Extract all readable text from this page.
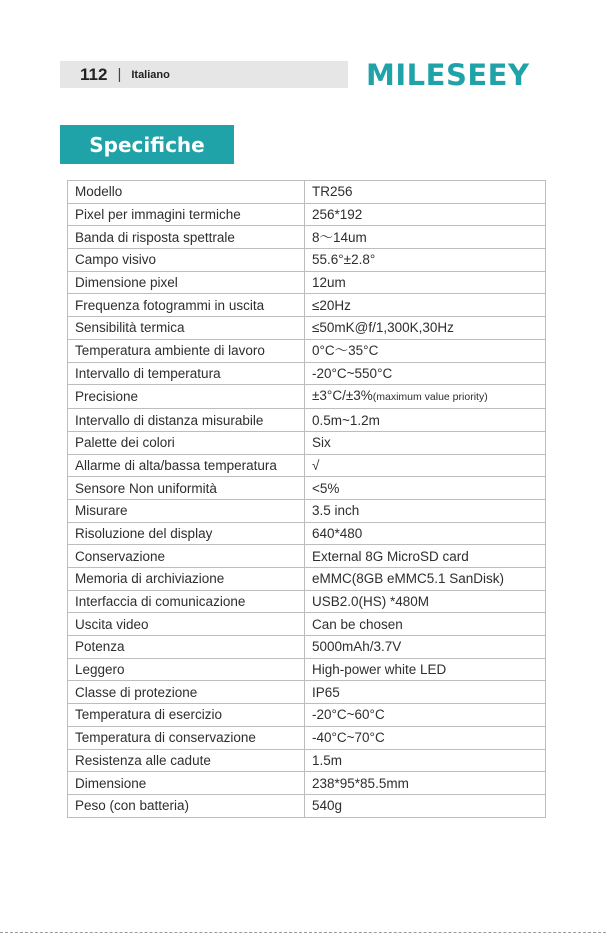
112 | Italiano	MILESEEY
Specifiche
Modello	TR256
Pixel per immagini termiche	256*192
Banda di risposta spettrale	8～14um
Campo visivo	55.6°±2.8°
Dimensione pixel	12um
Frequenza fotogrammi in uscita	≤20Hz
Sensibilità termica	≤50mK@f/1,300K,30Hz
Temperatura ambiente di lavoro	0°C～35°C
Intervallo di temperatura	-20°C~550°C
Precisione	±3°C/±3%(maximum value priority)
Intervallo di distanza misurabile	0.5m~1.2m
Palette dei colori	Six
Allarme di alta/bassa temperatura	√
Sensore Non uniformità	<5%
Misurare	3.5 inch
Risoluzione del display	640*480
Conservazione	External 8G MicroSD card
Memoria di archiviazione	eMMC(8GB eMMC5.1 SanDisk)
Interfaccia di comunicazione	USB2.0(HS) *480M
Uscita video	Can be chosen
Potenza	5000mAh/3.7V
Leggero	High-power white LED
Classe di protezione	IP65
Temperatura di esercizio	-20°C~60°C
Temperatura di conservazione	-40°C~70°C
Resistenza alle cadute	1.5m
Dimensione	238*95*85.5mm
Peso (con batteria)	540g
